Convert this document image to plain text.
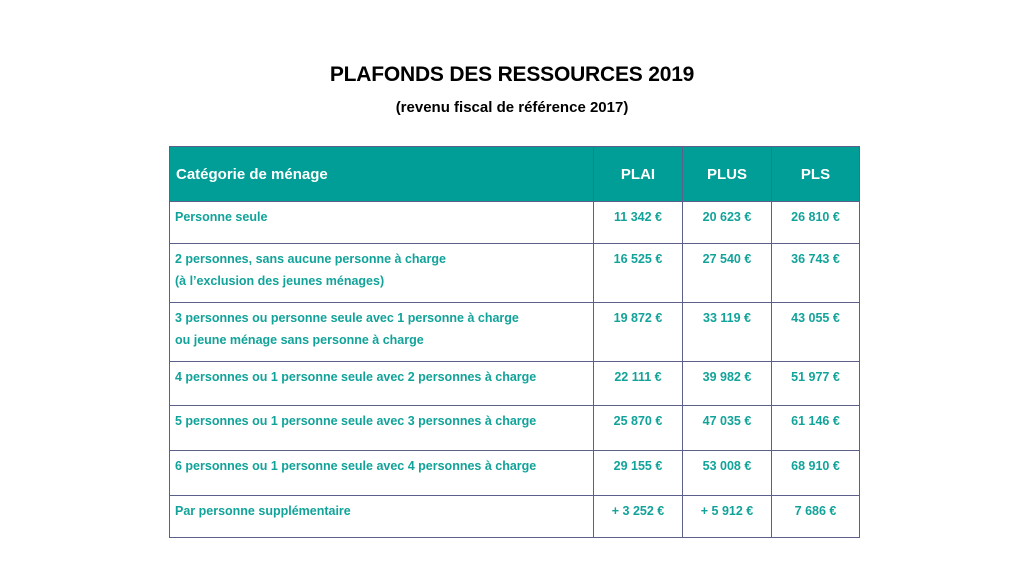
PLAFONDS DES RESSOURCES 2019
(revenu fiscal de référence 2017)
Catégorie de ménage	PLAI	PLUS	PLS

Personne seule	11 342 €	20 623 €	26 810 €

2 personnes, sans aucune personne à charge
(à l’exclusion des jeunes ménages)	16 525 €	27 540 €	36 743 €

3 personnes ou personne seule avec 1 personne à charge
ou jeune ménage sans personne à charge	19 872 €	33 119 €	43 055 €

4 personnes ou 1 personne seule avec 2 personnes à charge	22 111 €	39 982 €	51 977 €

5 personnes ou 1 personne seule avec 3 personnes à charge	25 870 €	47 035 €	61 146 €

6 personnes ou 1 personne seule avec 4 personnes à charge	29 155 €	53 008 €	68 910 €

Par personne supplémentaire	+ 3 252 €	+ 5 912 €	7 686 €
